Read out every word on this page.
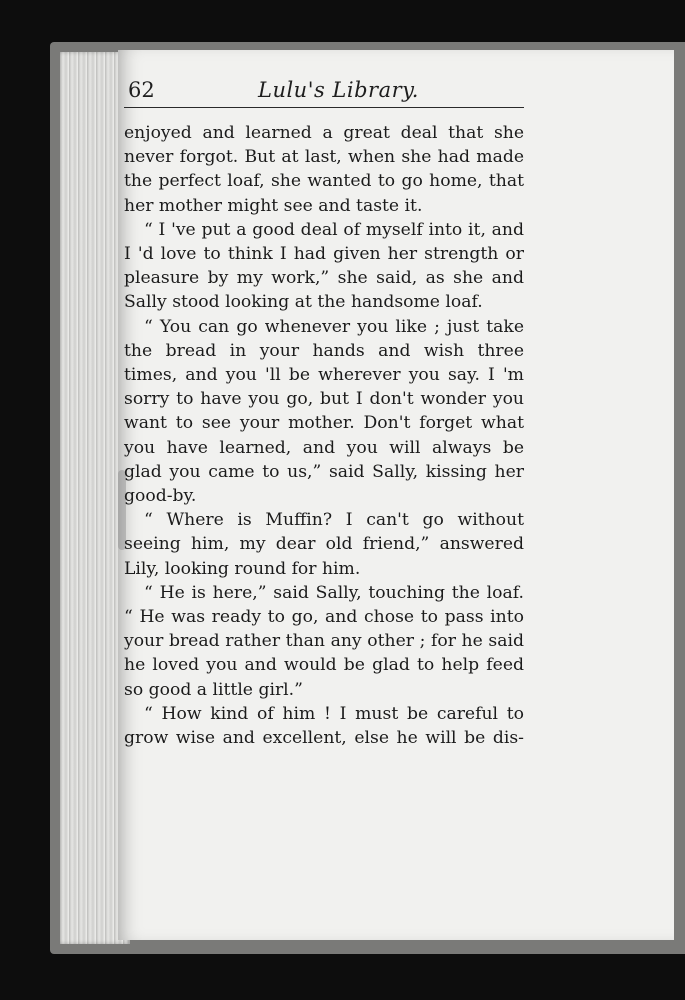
62	Lulu's Library.

enjoyed and learned a great deal that she never forgot. But at last, when she had made the perfect loaf, she wanted to go home, that her mother might see and taste it.

“ I 've put a good deal of myself into it, and I 'd love to think I had given her strength or pleasure by my work,” she said, as she and Sally stood looking at the handsome loaf.

“ You can go whenever you like ; just take the bread in your hands and wish three times, and you 'll be wherever you say. I 'm sorry to have you go, but I don't wonder you want to see your mother. Don't forget what you have learned, and you will always be glad you came to us,” said Sally, kissing her good-by.

“ Where is Muffin? I can't go without seeing him, my dear old friend,” answered Lily, looking round for him.

“ He is here,” said Sally, touching the loaf. “ He was ready to go, and chose to pass into your bread rather than any other ; for he said he loved you and would be glad to help feed so good a little girl.”

“ How kind of him ! I must be careful to grow wise and excellent, else he will be dis-
